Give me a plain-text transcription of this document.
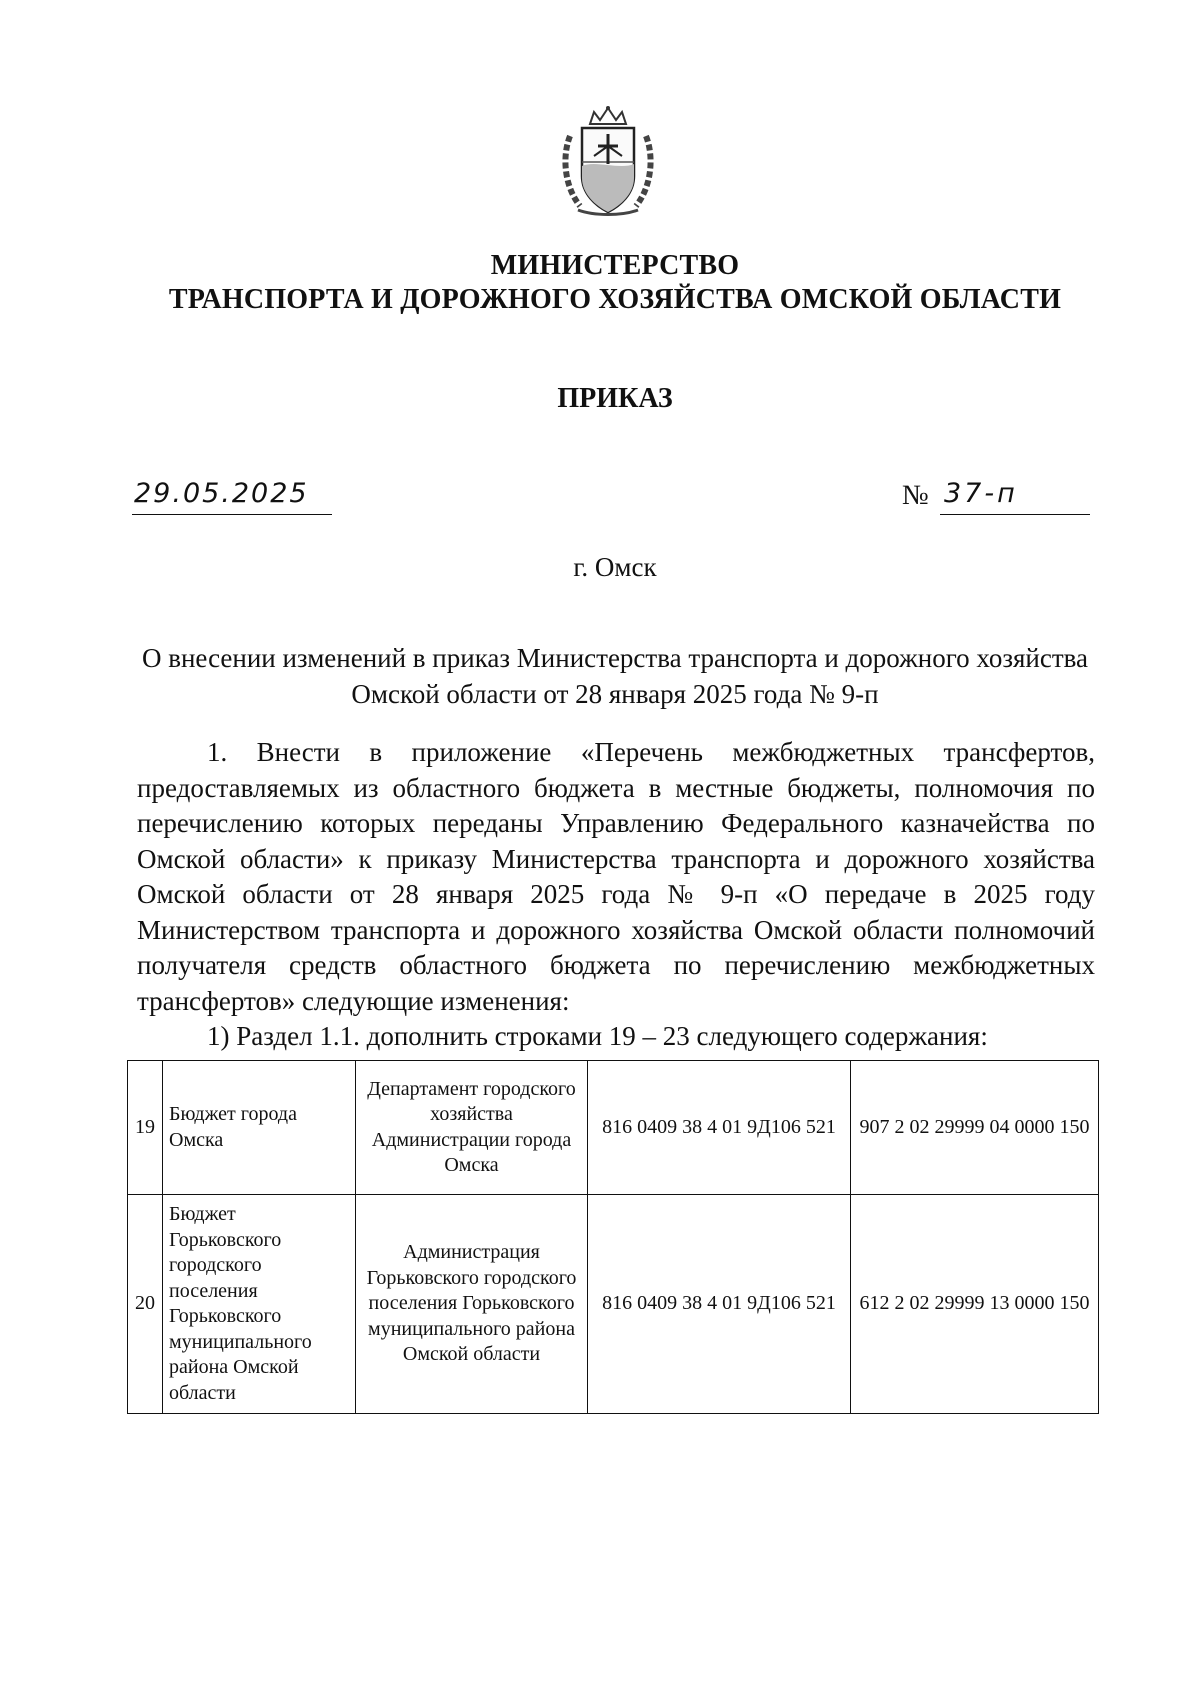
МИНИСТЕРСТВО
ТРАНСПОРТА И ДОРОЖНОГО ХОЗЯЙСТВА ОМСКОЙ ОБЛАСТИ
ПРИКАЗ
29.05.2025	№ 37-п
г. Омск
О внесении изменений в приказ Министерства транспорта и дорожного хозяйства Омской области от 28 января 2025 года № 9-п

1. Внести в приложение «Перечень межбюджетных трансфертов, предоставляемых из областного бюджета в местные бюджеты, полномочия по перечислению которых переданы Управлению Федерального казначейства по Омской области» к приказу Министерства транспорта и дорожного хозяйства Омской области от 28 января 2025 года № 9-п «О передаче в 2025 году Министерством транспорта и дорожного хозяйства Омской области полномочий получателя средств областного бюджета по перечислению межбюджетных трансфертов» следующие изменения:

1) Раздел 1.1. дополнить строками 19 – 23 следующего содержания:

19	Бюджет города Омска	Департамент городского хозяйства Администрации города Омска	816 0409 38 4 01 9Д106 521	907 2 02 29999 04 0000 150
20	Бюджет Горьковского городского поселения Горьковского муниципального района Омской области	Администрация Горьковского городского поселения Горьковского муниципального района Омской области	816 0409 38 4 01 9Д106 521	612 2 02 29999 13 0000 150
